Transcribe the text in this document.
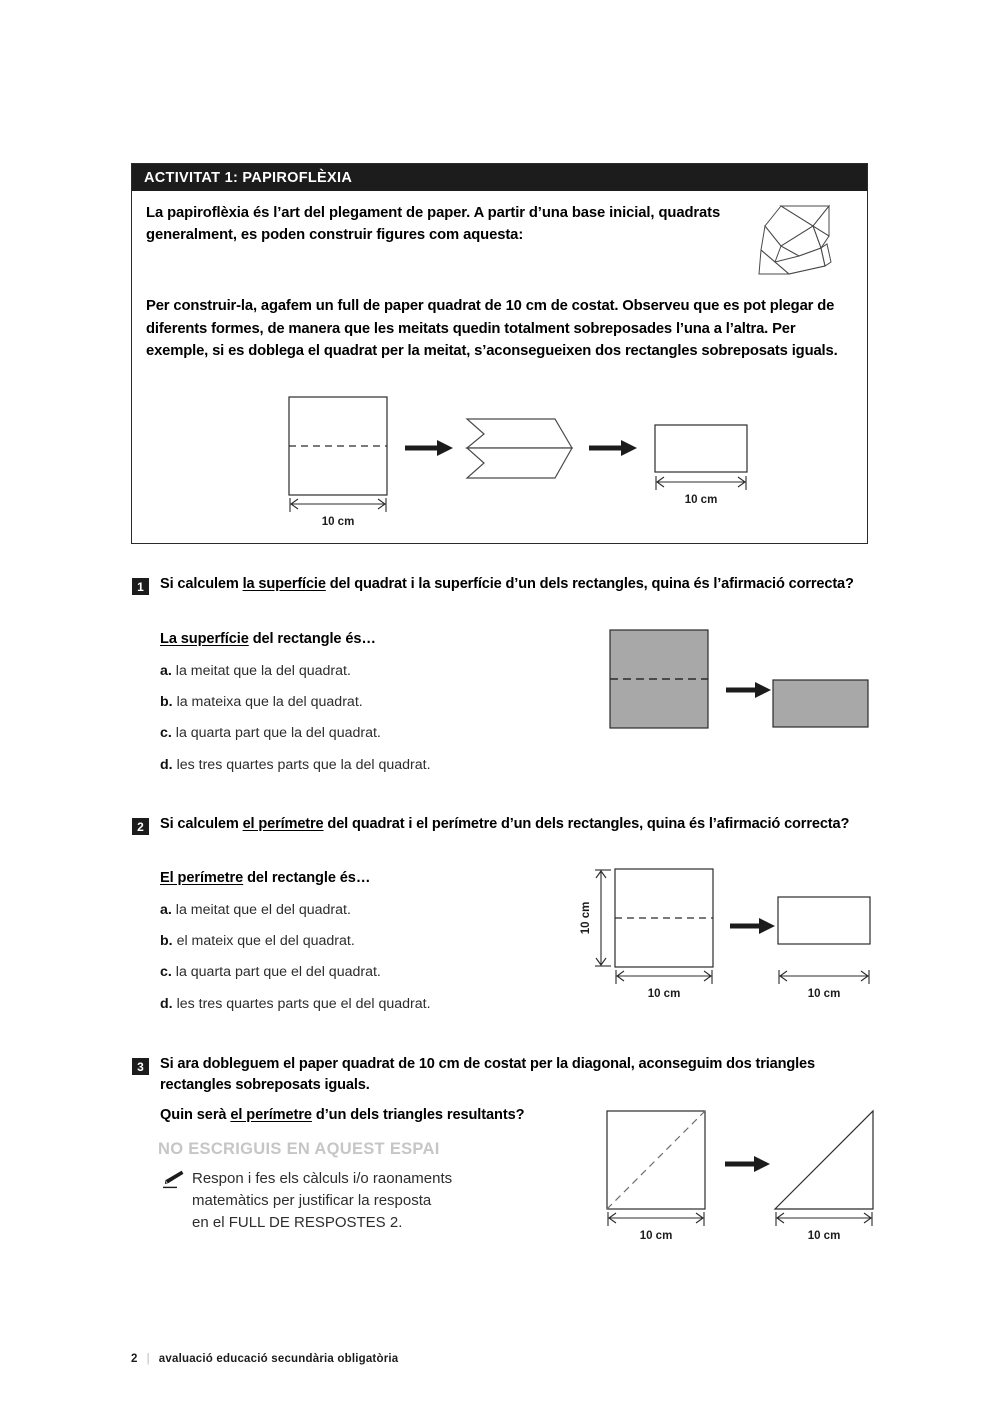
ACTIVITAT 1: PAPIROFLÈXIA
La papiroflèxia és l’art del plegament de paper. A partir d’una base inicial, quadrats generalment, es poden construir figures com aquesta:
Per construir-la, agafem un full de paper quadrat de 10 cm de costat. Observeu que es pot plegar de diferents formes, de manera que les meitats quedin totalment sobreposades l’una a l’altra. Per exemple, si es doblega el quadrat per la meitat, s’aconsegueixen dos rectangles sobreposats iguals.
10 cm
10 cm
1	Si calculem la superfície del quadrat i la superfície d’un dels rectangles, quina és l’afirmació correcta?
La superfície del rectangle és…
a. la meitat que la del quadrat.
b. la mateixa que la del quadrat.
c. la quarta part que la del quadrat.
d. les tres quartes parts que la del quadrat.
2	Si calculem el perímetre del quadrat i el perímetre d’un dels rectangles, quina és l’afirmació correcta?
El perímetre del rectangle és…
a. la meitat que el del quadrat.
b. el mateix que el del quadrat.
c. la quarta part que el del quadrat.
d. les tres quartes parts que el del quadrat.
10 cm
10 cm	10 cm
3	Si ara dobleguem el paper quadrat de 10 cm de costat per la diagonal, aconseguim dos triangles rectangles sobreposats iguals.
Quin serà el perímetre d’un dels triangles resultants?
NO ESCRIGUIS EN AQUEST ESPAI
Respon i fes els càlculs i/o raonaments
matemàtics per justificar la resposta
en el FULL DE RESPOSTES 2.
10 cm	10 cm
2 | avaluació educació secundària obligatòria
